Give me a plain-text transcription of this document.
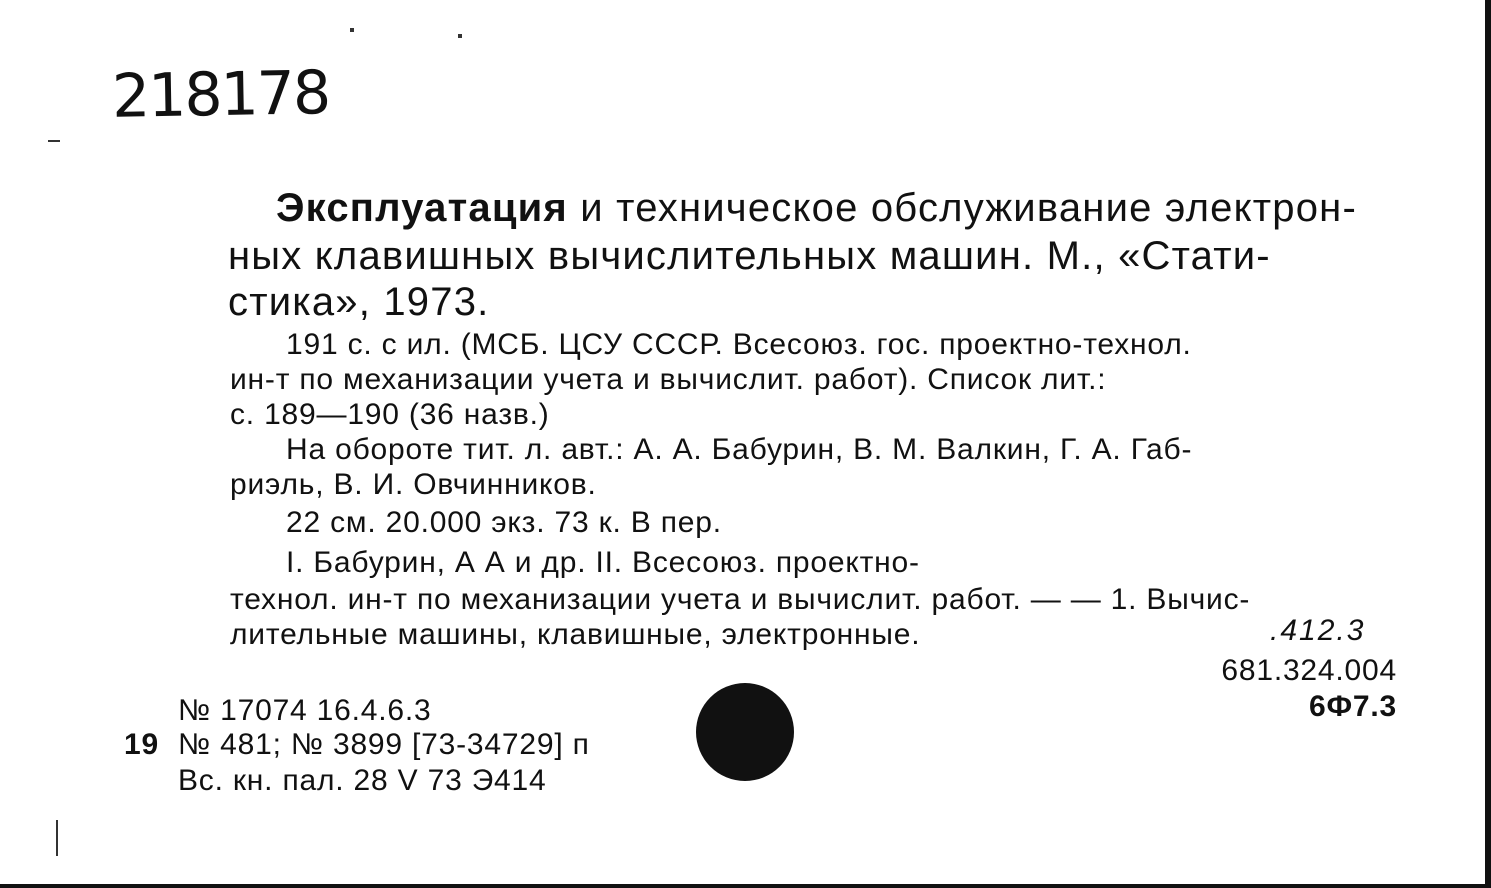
218178
Эксплуатация и техническое обслуживание электрон-
ных клавишных вычислительных машин. М., «Стати-
стика», 1973.
191 с. с ил. (МСБ. ЦСУ СССР. Всесоюз. гос. проектно-технол.
ин-т по механизации учета и вычислит. работ). Список лит.:
с. 189—190 (36 назв.)
На обороте тит. л. авт.: А. А. Бабурин, В. М. Валкин, Г. А. Габ-
риэль, В. И. Овчинников.
22 см. 20.000 экз. 73 к. В пер.
I. Бабурин, А А и др. II. Всесоюз. проектно-
технол. ин-т по механизации учета и вычислит. работ. — — 1. Вычис-
лительные машины, клавишные, электронные.	.412.3
681.324.004
6Ф7.3
№ 17074 16.4.6.3
19 № 481; № 3899 [73-34729] п
Вс. кн. пал. 28 V 73 Э414
